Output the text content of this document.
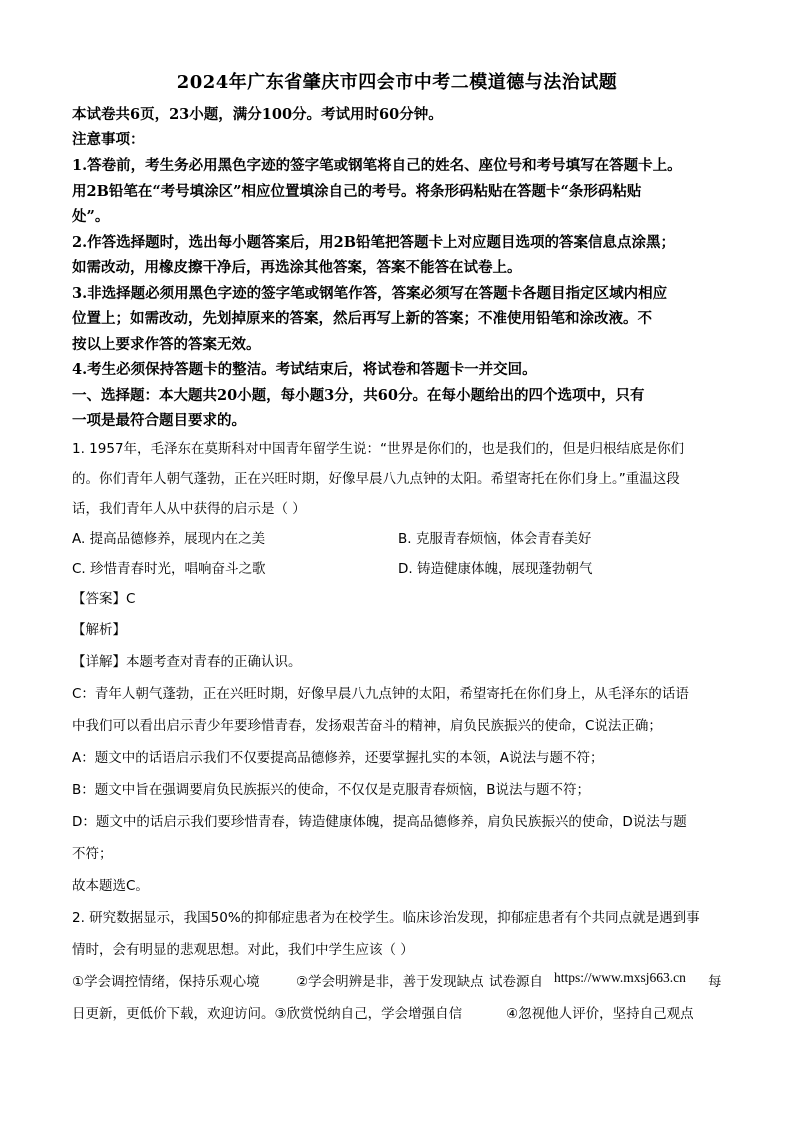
2024年广东省肇庆市四会市中考二模道德与法治试题
本试卷共6页，23小题，满分100分。考试用时60分钟。
注意事项：
1.答卷前，考生务必用黑色字迹的签字笔或钢笔将自己的姓名、座位号和考号填写在答题卡上。
用2B铅笔在“考号填涂区”相应位置填涂自己的考号。将条形码粘贴在答题卡“条形码粘贴
处”。
2.作答选择题时，选出每小题答案后，用2B铅笔把答题卡上对应题目选项的答案信息点涂黑；
如需改动，用橡皮擦干净后，再选涂其他答案，答案不能答在试卷上。
3.非选择题必须用黑色字迹的签字笔或钢笔作答，答案必须写在答题卡各题目指定区域内相应
位置上；如需改动，先划掉原来的答案，然后再写上新的答案；不准使用铅笔和涂改液。不
按以上要求作答的答案无效。
4.考生必须保持答题卡的整洁。考试结束后，将试卷和答题卡一并交回。
一、选择题：本大题共20小题，每小题3分，共60分。在每小题给出的四个选项中，只有
一项是最符合题目要求的。
1. 1957年，毛泽东在莫斯科对中国青年留学生说：“世界是你们的，也是我们的，但是归根结底是你们
的。你们青年人朝气蓬勃，正在兴旺时期，好像早晨八九点钟的太阳。希望寄托在你们身上。”重温这段
话，我们青年人从中获得的启示是（ ）
A. 提高品德修养，展现内在之美	B. 克服青春烦恼，体会青春美好
C. 珍惜青春时光，唱响奋斗之歌	D. 铸造健康体魄，展现蓬勃朝气
【答案】C
【解析】
【详解】本题考查对青春的正确认识。
C：青年人朝气蓬勃，正在兴旺时期，好像早晨八九点钟的太阳，希望寄托在你们身上，从毛泽东的话语
中我们可以看出启示青少年要珍惜青春，发扬艰苦奋斗的精神，肩负民族振兴的使命，C说法正确；
A：题文中的话语启示我们不仅要提高品德修养，还要掌握扎实的本领，A说法与题不符；
B：题文中旨在强调要肩负民族振兴的使命，不仅仅是克服青春烦恼，B说法与题不符；
D：题文中的话启示我们要珍惜青春，铸造健康体魄，提高品德修养，肩负民族振兴的使命，D说法与题
不符；
故本题选C。
2. 研究数据显示，我国50%的抑郁症患者为在校学生。临床诊治发现，抑郁症患者有个共同点就是遇到事
情时，会有明显的悲观思想。对此，我们中学生应该（ ）
①学会调控情绪，保持乐观心境	②学会明辨是非，善于发现缺点 试卷源自 https://www.mxsj663.cn 每
日更新，更低价下载，欢迎访问。③欣赏悦纳自己，学会增强自信	④忽视他人评价，坚持自己观点
